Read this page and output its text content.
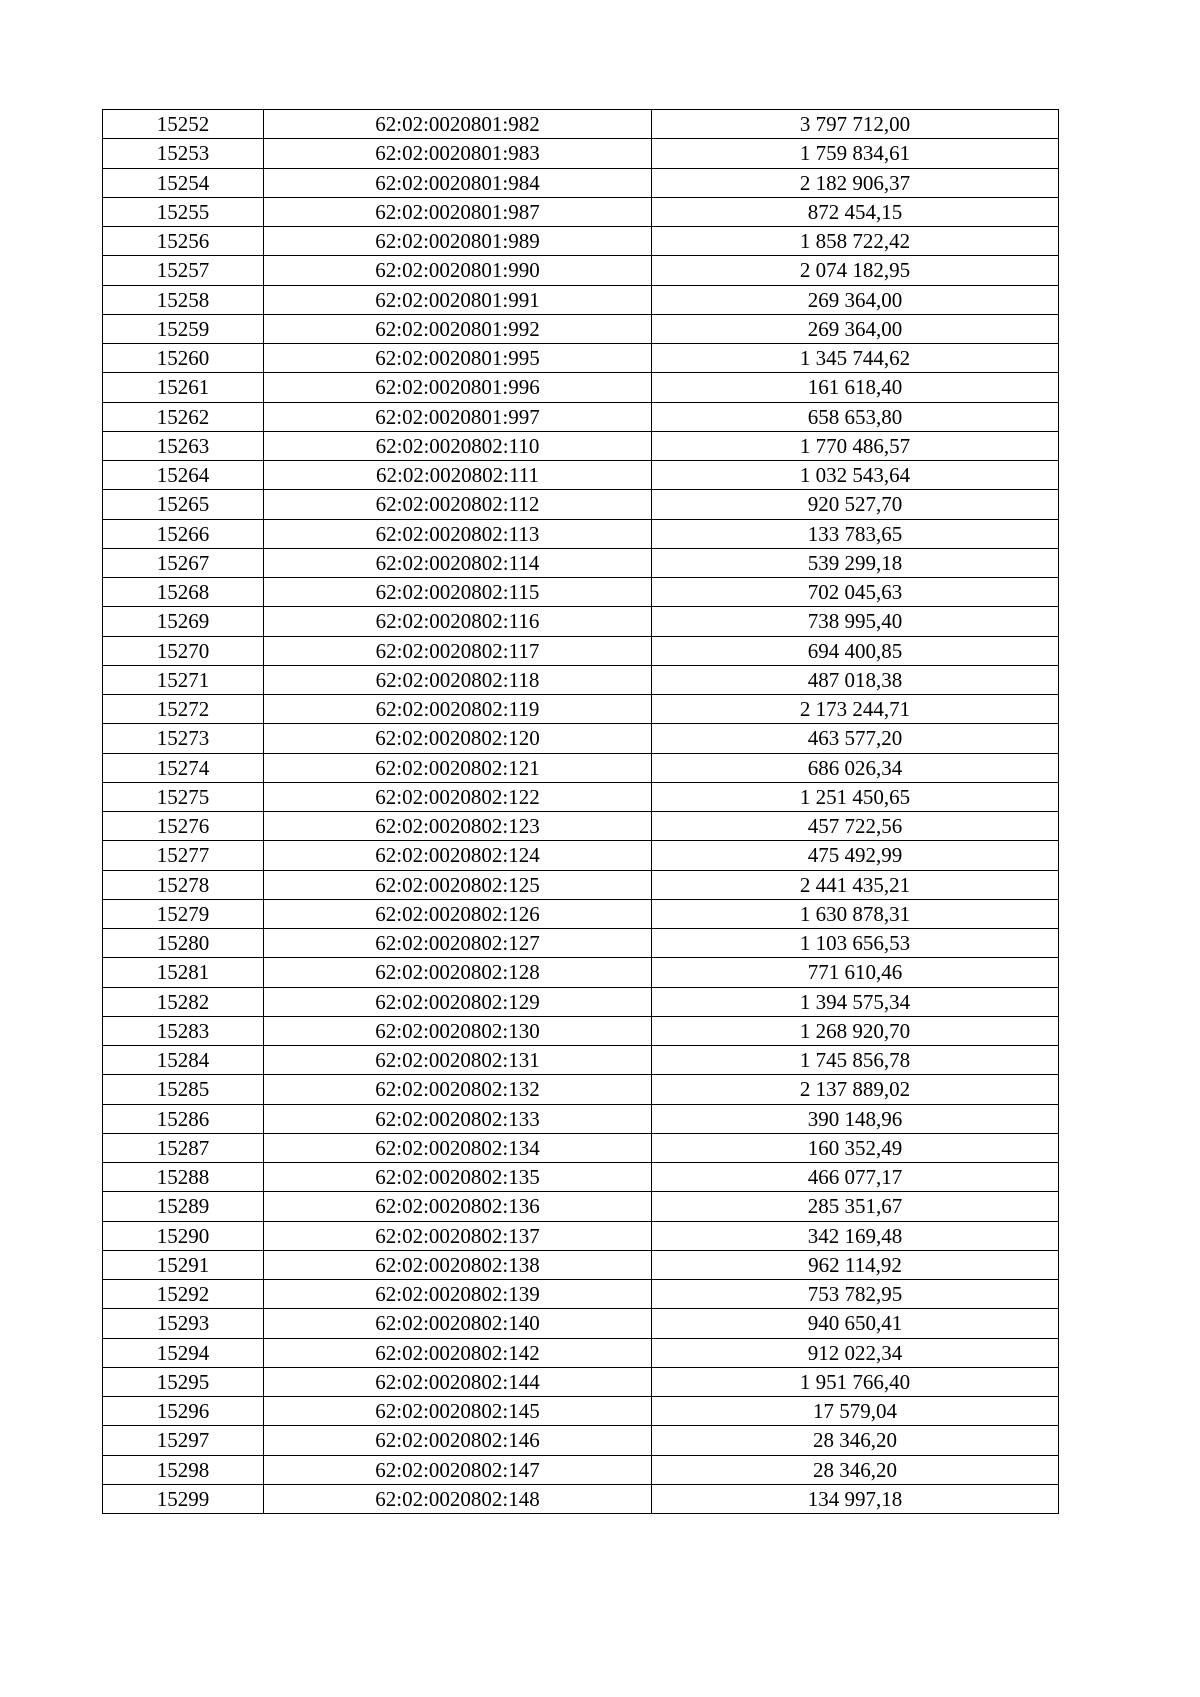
15252	62:02:0020801:982	3 797 712,00
15253	62:02:0020801:983	1 759 834,61
15254	62:02:0020801:984	2 182 906,37
15255	62:02:0020801:987	872 454,15
15256	62:02:0020801:989	1 858 722,42
15257	62:02:0020801:990	2 074 182,95
15258	62:02:0020801:991	269 364,00
15259	62:02:0020801:992	269 364,00
15260	62:02:0020801:995	1 345 744,62
15261	62:02:0020801:996	161 618,40
15262	62:02:0020801:997	658 653,80
15263	62:02:0020802:110	1 770 486,57
15264	62:02:0020802:111	1 032 543,64
15265	62:02:0020802:112	920 527,70
15266	62:02:0020802:113	133 783,65
15267	62:02:0020802:114	539 299,18
15268	62:02:0020802:115	702 045,63
15269	62:02:0020802:116	738 995,40
15270	62:02:0020802:117	694 400,85
15271	62:02:0020802:118	487 018,38
15272	62:02:0020802:119	2 173 244,71
15273	62:02:0020802:120	463 577,20
15274	62:02:0020802:121	686 026,34
15275	62:02:0020802:122	1 251 450,65
15276	62:02:0020802:123	457 722,56
15277	62:02:0020802:124	475 492,99
15278	62:02:0020802:125	2 441 435,21
15279	62:02:0020802:126	1 630 878,31
15280	62:02:0020802:127	1 103 656,53
15281	62:02:0020802:128	771 610,46
15282	62:02:0020802:129	1 394 575,34
15283	62:02:0020802:130	1 268 920,70
15284	62:02:0020802:131	1 745 856,78
15285	62:02:0020802:132	2 137 889,02
15286	62:02:0020802:133	390 148,96
15287	62:02:0020802:134	160 352,49
15288	62:02:0020802:135	466 077,17
15289	62:02:0020802:136	285 351,67
15290	62:02:0020802:137	342 169,48
15291	62:02:0020802:138	962 114,92
15292	62:02:0020802:139	753 782,95
15293	62:02:0020802:140	940 650,41
15294	62:02:0020802:142	912 022,34
15295	62:02:0020802:144	1 951 766,40
15296	62:02:0020802:145	17 579,04
15297	62:02:0020802:146	28 346,20
15298	62:02:0020802:147	28 346,20
15299	62:02:0020802:148	134 997,18
